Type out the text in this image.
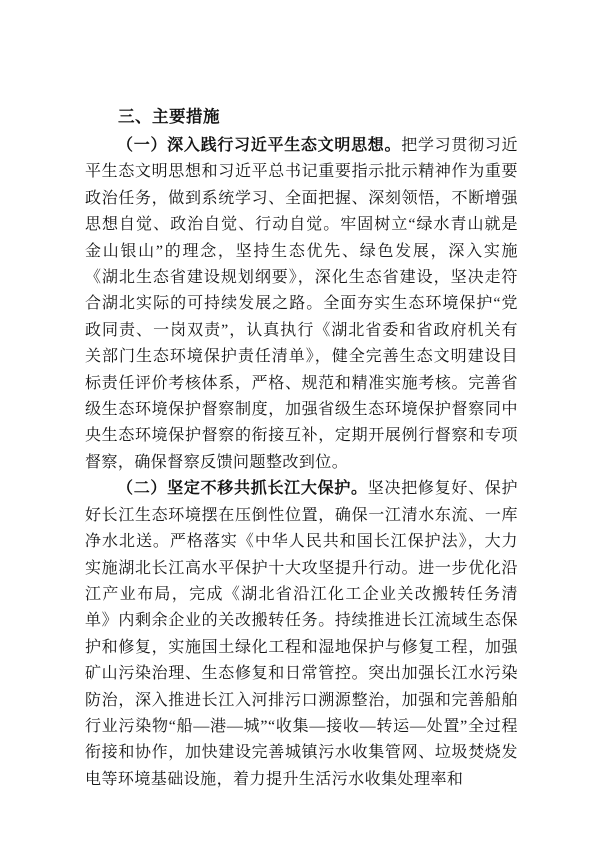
三、主要措施

（一）深入践行习近平生态文明思想。把学习贯彻习近平生态文明思想和习近平总书记重要指示批示精神作为重要政治任务，做到系统学习、全面把握、深刻领悟，不断增强思想自觉、政治自觉、行动自觉。牢固树立“绿水青山就是金山银山”的理念，坚持生态优先、绿色发展，深入实施《湖北生态省建设规划纲要》，深化生态省建设，坚决走符合湖北实际的可持续发展之路。全面夯实生态环境保护“党政同责、一岗双责”，认真执行《湖北省委和省政府机关有关部门生态环境保护责任清单》，健全完善生态文明建设目标责任评价考核体系，严格、规范和精准实施考核。完善省级生态环境保护督察制度，加强省级生态环境保护督察同中央生态环境保护督察的衔接互补，定期开展例行督察和专项督察，确保督察反馈问题整改到位。

（二）坚定不移共抓长江大保护。坚决把修复好、保护好长江生态环境摆在压倒性位置，确保一江清水东流、一库净水北送。严格落实《中华人民共和国长江保护法》，大力实施湖北长江高水平保护十大攻坚提升行动。进一步优化沿江产业布局，完成《湖北省沿江化工企业关改搬转任务清单》内剩余企业的关改搬转任务。持续推进长江流域生态保护和修复，实施国土绿化工程和湿地保护与修复工程，加强矿山污染治理、生态修复和日常管控。突出加强长江水污染防治，深入推进长江入河排污口溯源整治，加强和完善船舶行业污染物“船—港—城”“收集—接收—转运—处置”全过程衔接和协作，加快建设完善城镇污水收集管网、垃圾焚烧发电等环境基础设施，着力提升生活污水收集处理率和
